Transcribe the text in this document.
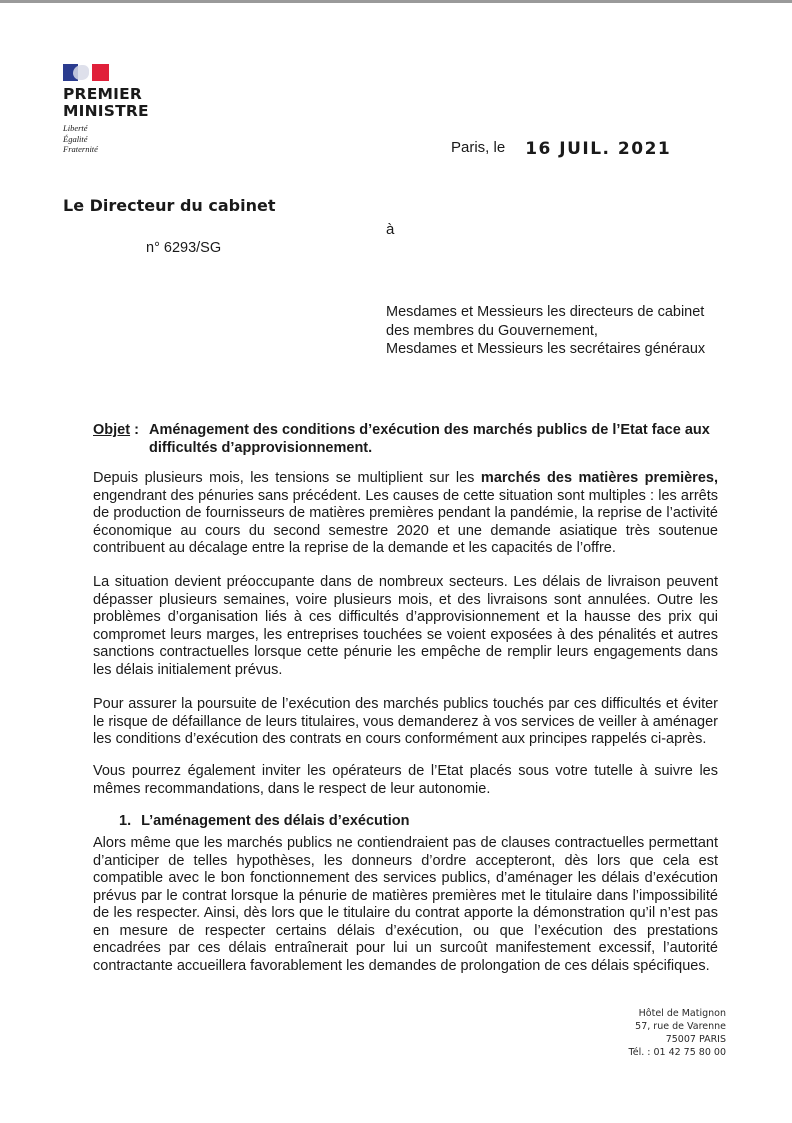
PREMIER
MINISTRE
Liberté
Égalité
Fraternité	Paris, le 16 JUIL. 2021
Le Directeur du cabinet
à
n° 6293/SG
Mesdames et Messieurs les directeurs de cabinet
des membres du Gouvernement,
Mesdames et Messieurs les secrétaires généraux
Objet : Aménagement des conditions d’exécution des marchés publics de l’Etat face aux difficultés d’approvisionnement.
Depuis plusieurs mois, les tensions se multiplient sur les marchés des matières premières, engendrant des pénuries sans précédent. Les causes de cette situation sont multiples : les arrêts de production de fournisseurs de matières premières pendant la pandémie, la reprise de l’activité économique au cours du second semestre 2020 et une demande asiatique très soutenue contribuent au décalage entre la reprise de la demande et les capacités de l’offre.
La situation devient préoccupante dans de nombreux secteurs. Les délais de livraison peuvent dépasser plusieurs semaines, voire plusieurs mois, et des livraisons sont annulées. Outre les problèmes d’organisation liés à ces difficultés d’approvisionnement et la hausse des prix qui compromet leurs marges, les entreprises touchées se voient exposées à des pénalités et autres sanctions contractuelles lorsque cette pénurie les empêche de remplir leurs engagements dans les délais initialement prévus.
Pour assurer la poursuite de l’exécution des marchés publics touchés par ces difficultés et éviter le risque de défaillance de leurs titulaires, vous demanderez à vos services de veiller à aménager les conditions d’exécution des contrats en cours conformément aux principes rappelés ci-après.
Vous pourrez également inviter les opérateurs de l’Etat placés sous votre tutelle à suivre les mêmes recommandations, dans le respect de leur autonomie.
1. L’aménagement des délais d’exécution
Alors même que les marchés publics ne contiendraient pas de clauses contractuelles permettant d’anticiper de telles hypothèses, les donneurs d’ordre accepteront, dès lors que cela est compatible avec le bon fonctionnement des services publics, d’aménager les délais d’exécution prévus par le contrat lorsque la pénurie de matières premières met le titulaire dans l’impossibilité de les respecter. Ainsi, dès lors que le titulaire du contrat apporte la démonstration qu’il n’est pas en mesure de respecter certains délais d’exécution, ou que l’exécution des prestations encadrées par ces délais entraînerait pour lui un surcoût manifestement excessif, l’autorité contractante accueillera favorablement les demandes de prolongation de ces délais spécifiques.
Hôtel de Matignon
57, rue de Varenne
75007 PARIS
Tél. : 01 42 75 80 00
